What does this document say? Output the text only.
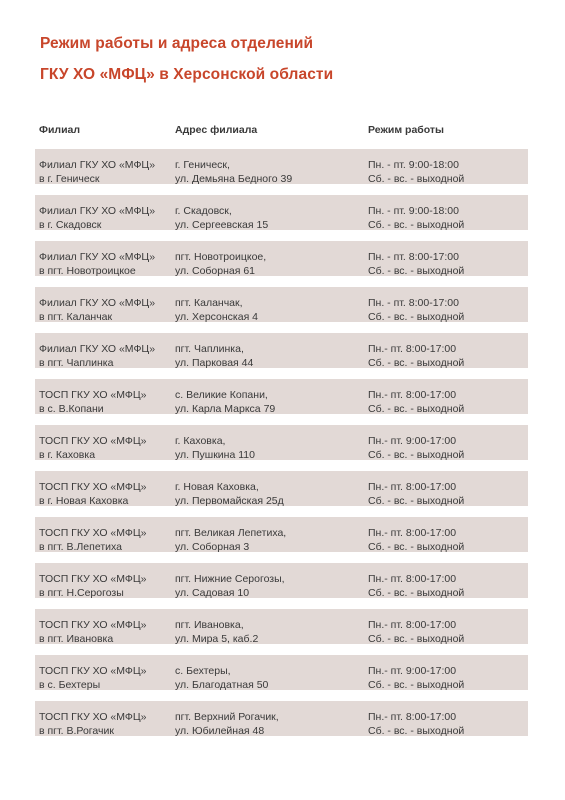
Режим работы и адреса отделений
ГКУ ХО «МФЦ» в Херсонской области
Филиал	Адрес филиала	Режим работы
Филиал ГКУ ХО «МФЦ»
в г. Геническ
г. Геническ,
ул. Демьяна Бедного 39
Пн. - пт. 9:00-18:00
Сб. - вс. - выходной
Филиал ГКУ ХО «МФЦ»
в г. Скадовск
г. Скадовск,
ул. Сергеевская 15
Пн. - пт. 9:00-18:00
Сб. - вс. - выходной
Филиал ГКУ ХО «МФЦ»
в пгт. Новотроицкое
пгт. Новотроицкое,
ул. Соборная 61
Пн. - пт. 8:00-17:00
Сб. - вс. - выходной
Филиал ГКУ ХО «МФЦ»
в пгт. Каланчак
пгт. Каланчак,
ул. Херсонская 4
Пн. - пт. 8:00-17:00
Сб. - вс. - выходной
Филиал ГКУ ХО «МФЦ»
в пгт. Чаплинка
пгт. Чаплинка,
ул. Парковая 44
Пн.- пт. 8:00-17:00
Сб. - вс. - выходной
ТОСП ГКУ ХО «МФЦ»
в с. В.Копани
с. Великие Копани,
ул. Карла Маркса 79
Пн.- пт. 8:00-17:00
Сб. - вс. - выходной
ТОСП ГКУ ХО «МФЦ»
в г. Каховка
г. Каховка,
ул. Пушкина 110
Пн.- пт. 9:00-17:00
Сб. - вс. - выходной
ТОСП ГКУ ХО «МФЦ»
в г. Новая Каховка
г. Новая Каховка,
ул. Первомайская 25д
Пн.- пт. 8:00-17:00
Сб. - вс. - выходной
ТОСП ГКУ ХО «МФЦ»
в пгт. В.Лепетиха
пгт. Великая Лепетиха,
ул. Соборная 3
Пн.- пт. 8:00-17:00
Сб. - вс. - выходной
ТОСП ГКУ ХО «МФЦ»
в пгт. Н.Серогозы
пгт. Нижние Серогозы,
ул. Садовая 10
Пн.- пт. 8:00-17:00
Сб. - вс. - выходной
ТОСП ГКУ ХО «МФЦ»
в пгт. Ивановка
пгт. Ивановка,
ул. Мира 5, каб.2
Пн.- пт. 8:00-17:00
Сб. - вс. - выходной
ТОСП ГКУ ХО «МФЦ»
в с. Бехтеры
с. Бехтеры,
ул. Благодатная 50
Пн.- пт. 9:00-17:00
Сб. - вс. - выходной
ТОСП ГКУ ХО «МФЦ»
в пгт. В.Рогачик
пгт. Верхний Рогачик,
ул. Юбилейная 48
Пн.- пт. 8:00-17:00
Сб. - вс. - выходной
